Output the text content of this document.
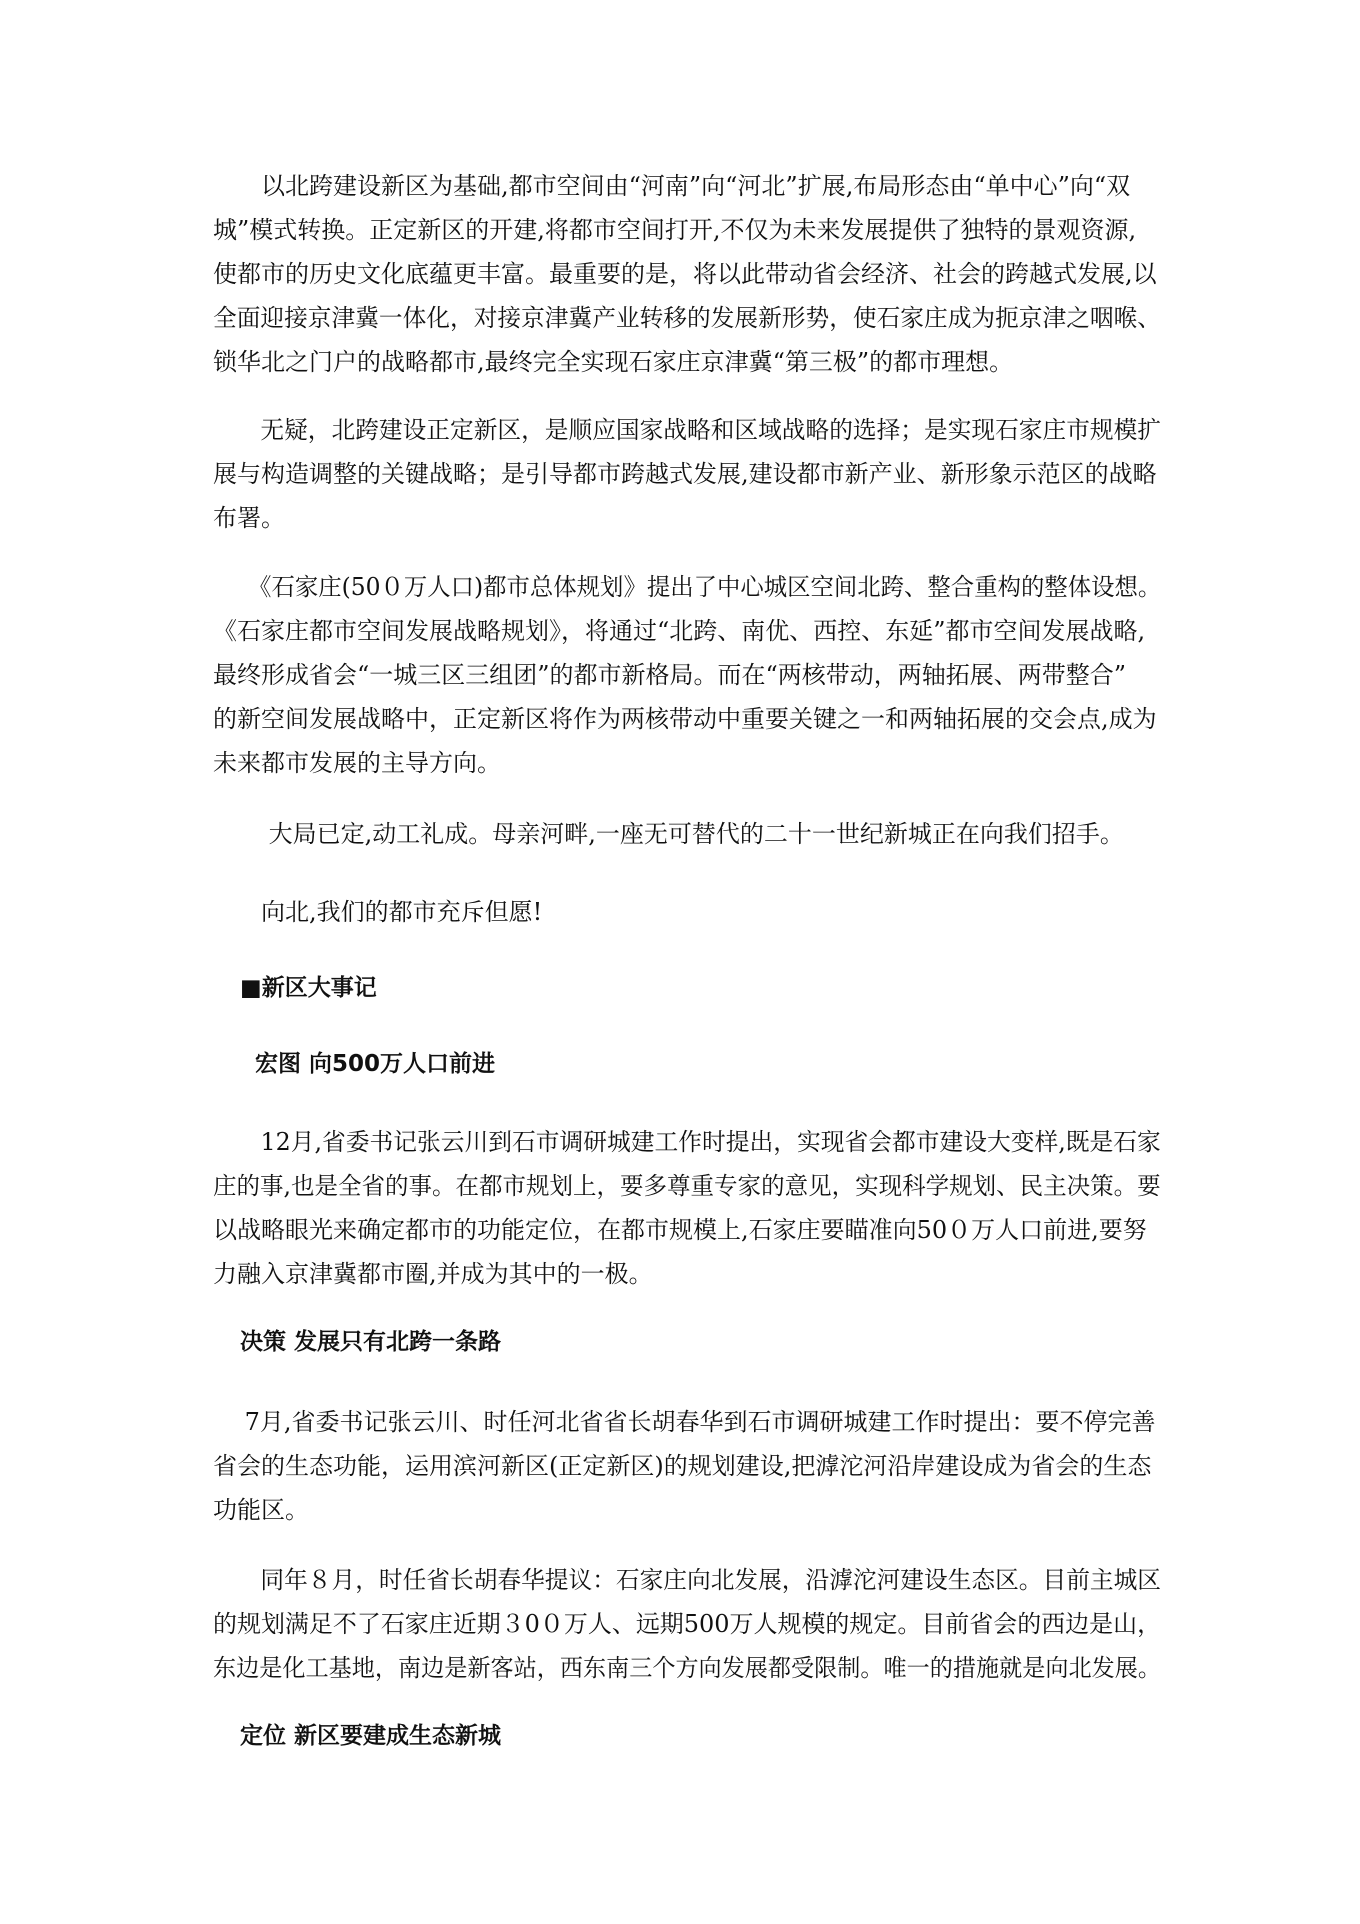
　　以北跨建设新区为基础,都市空间由“河南”向“河北”扩展,布局形态由“单中心”向“双
城”模式转换。正定新区的开建,将都市空间打开,不仅为未来发展提供了独特的景观资源,
使都市的历史文化底蕴更丰富。最重要的是，将以此带动省会经济、社会的跨越式发展,以
全面迎接京津冀一体化，对接京津冀产业转移的发展新形势，使石家庄成为扼京津之咽喉、
锁华北之门户的战略都市,最终完全实现石家庄京津冀“第三极”的都市理想。
　　无疑，北跨建设正定新区，是顺应国家战略和区域战略的选择；是实现石家庄市规模扩
展与构造调整的关键战略；是引导都市跨越式发展,建设都市新产业、新形象示范区的战略
布署。
　　《石家庄(50０万人口)都市总体规划》提出了中心城区空间北跨、整合重构的整体设想。
《石家庄都市空间发展战略规划》，将通过“北跨、南优、西控、东延”都市空间发展战略,
最终形成省会“一城三区三组团”的都市新格局。而在“两核带动，两轴拓展、两带整合”
的新空间发展战略中，正定新区将作为两核带动中重要关键之一和两轴拓展的交会点,成为
未来都市发展的主导方向。
　　 大局已定,动工礼成。母亲河畔,一座无可替代的二十一世纪新城正在向我们招手。
　　向北,我们的都市充斥但愿!
■新区大事记
宏图 向500万人口前进
　　12月,省委书记张云川到石市调研城建工作时提出，实现省会都市建设大变样,既是石家
庄的事,也是全省的事。在都市规划上，要多尊重专家的意见，实现科学规划、民主决策。要
以战略眼光来确定都市的功能定位，在都市规模上,石家庄要瞄准向50０万人口前进,要努
力融入京津冀都市圈,并成为其中的一极。
决策 发展只有北跨一条路
　 7月,省委书记张云川、时任河北省省长胡春华到石市调研城建工作时提出：要不停完善
省会的生态功能，运用滨河新区(正定新区)的规划建设,把滹沱河沿岸建设成为省会的生态
功能区。
　　同年８月，时任省长胡春华提议：石家庄向北发展，沿滹沱河建设生态区。目前主城区
的规划满足不了石家庄近期３0０万人、远期500万人规模的规定。目前省会的西边是山，
东边是化工基地，南边是新客站，西东南三个方向发展都受限制。唯一的措施就是向北发展。
定位 新区要建成生态新城
